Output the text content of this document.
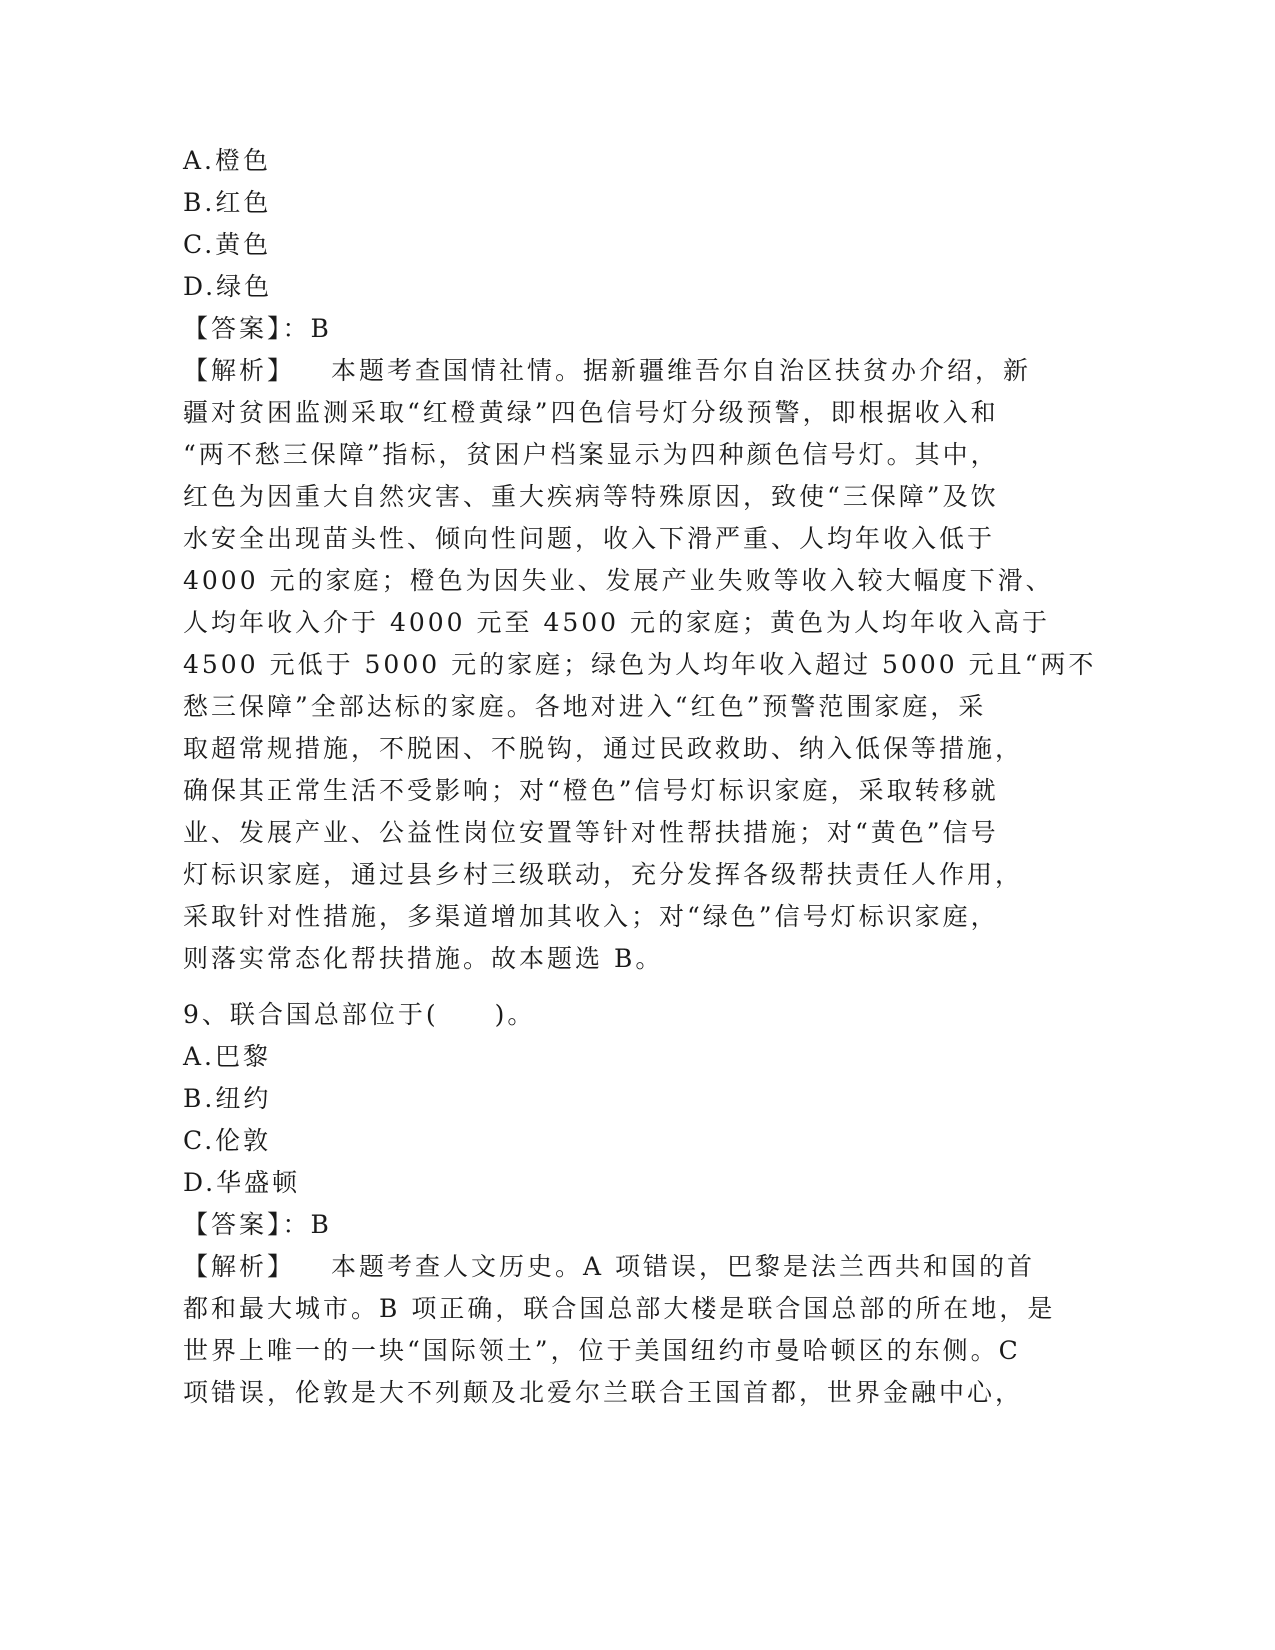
A.橙色
B.红色
C.黄色
D.绿色
【答案】：B
【解析】 本题考查国情社情。据新疆维吾尔自治区扶贫办介绍，新
疆对贫困监测采取“红橙黄绿”四色信号灯分级预警，即根据收入和
“两不愁三保障”指标，贫困户档案显示为四种颜色信号灯。其中，
红色为因重大自然灾害、重大疾病等特殊原因，致使“三保障”及饮
水安全出现苗头性、倾向性问题，收入下滑严重、人均年收入低于
4000 元的家庭；橙色为因失业、发展产业失败等收入较大幅度下滑、
人均年收入介于 4000 元至 4500 元的家庭；黄色为人均年收入高于
4500 元低于 5000 元的家庭；绿色为人均年收入超过 5000 元且“两不
愁三保障”全部达标的家庭。各地对进入“红色”预警范围家庭，采
取超常规措施，不脱困、不脱钩，通过民政救助、纳入低保等措施，
确保其正常生活不受影响；对“橙色”信号灯标识家庭，采取转移就
业、发展产业、公益性岗位安置等针对性帮扶措施；对“黄色”信号
灯标识家庭，通过县乡村三级联动，充分发挥各级帮扶责任人作用，
采取针对性措施，多渠道增加其收入；对“绿色”信号灯标识家庭，
则落实常态化帮扶措施。故本题选 B。
9、联合国总部位于(　　)。
A.巴黎
B.纽约
C.伦敦
D.华盛顿
【答案】：B
【解析】 本题考查人文历史。A 项错误，巴黎是法兰西共和国的首
都和最大城市。B 项正确，联合国总部大楼是联合国总部的所在地，是
世界上唯一的一块“国际领土”，位于美国纽约市曼哈顿区的东侧。C
项错误，伦敦是大不列颠及北爱尔兰联合王国首都，世界金融中心，
